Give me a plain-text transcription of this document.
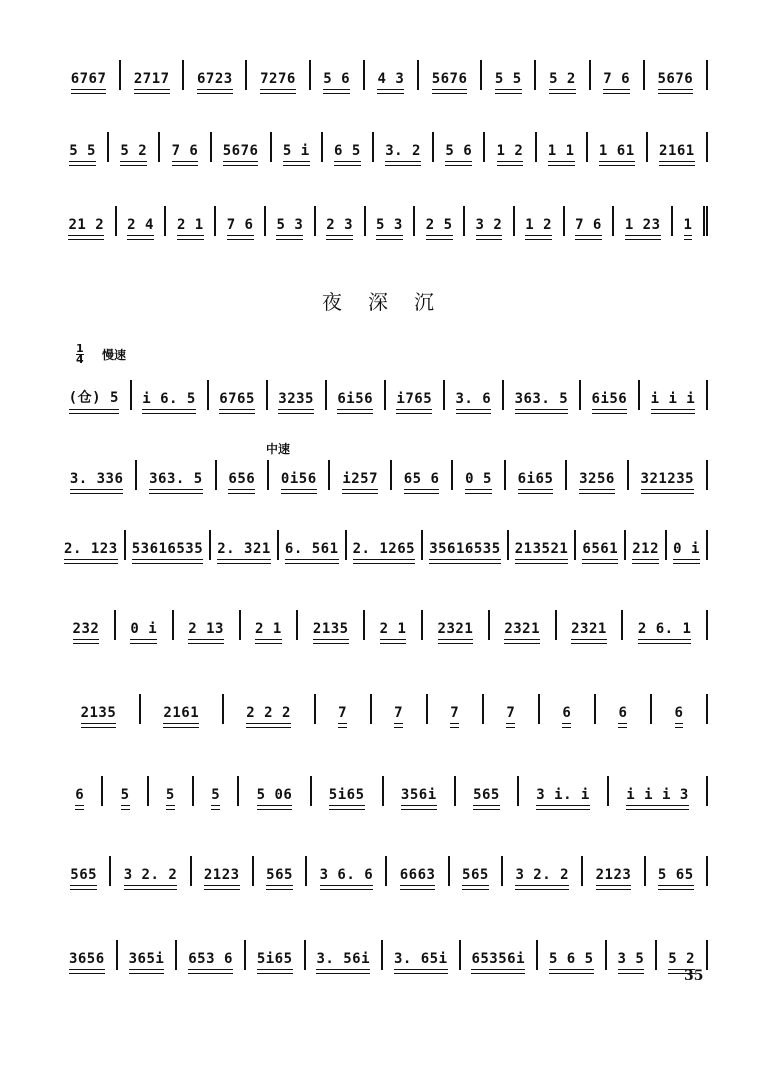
6767 2717 6723 7276 5 6 4 3 5676 5 5 5 2 7 6 5676
5 5 5 2 7 6 5676 5 i 6 5 3. 2 5 6 1 2 1 1 1 61 2161
21 2 2 4 2 1 7 6 5 3 2 3 5 3 2 5 3 2 1 2 7 6 1 23 1
夜深沉
$\frac{1}{4}$ 慢速
中速
(仓) 5 i 6. 5 6765 3235 6i56 i765 3. 6 363. 5 6i56 i i i
3. 336 363. 5 656 0i56 i257 65 6 0 5 6i65 3256 321235
2. 123 53616535 2. 321 6. 561 2. 1265 35616535 213521 6561 212 0 i
232 0 i 2 13 2 1 2135 2 1 2321 2321 2321 2 6. 1
2135	2161	2 2 2	7	7	7	7	6	6	6
6	5	5	5	5 06	5i65	356i	565	3 i. i	i i i 3
565 3 2. 2 2123 565 3 6. 6 6663 565 3 2. 2 2123 5 65
3656 365i 653 6 5i65 3. 56i 3. 65i 65356i 5 6 5 3 5 5 2
35
